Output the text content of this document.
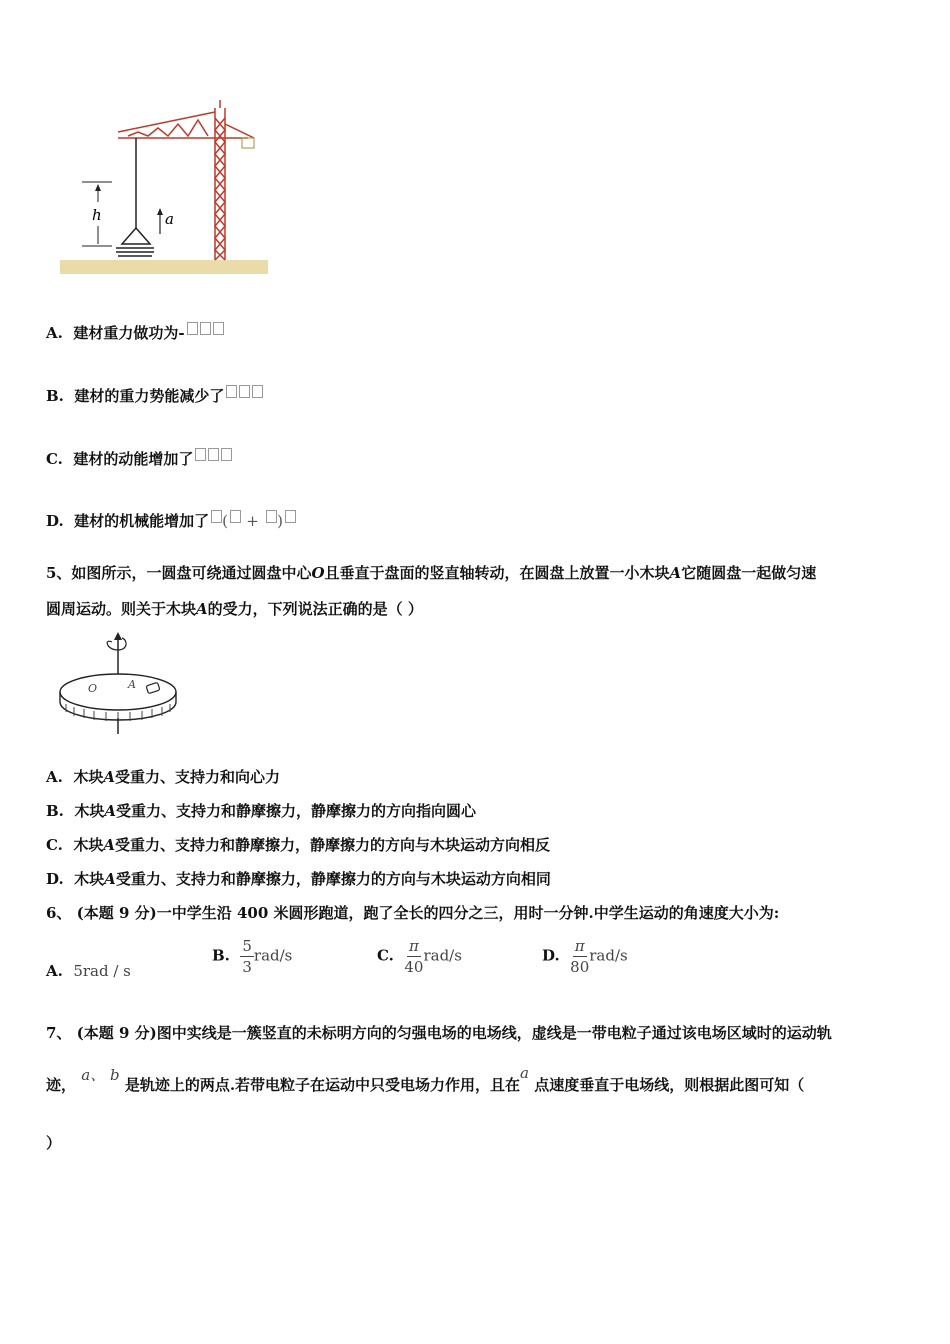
h	a
A. 建材重力做功为-
B. 建材的重力势能减少了
C. 建材的动能增加了
D. 建材的机械能增加了 ( + )
5、如图所示，一圆盘可绕通过圆盘中心O且垂直于盘面的竖直轴转动，在圆盘上放置一小木块A它随圆盘一起做匀速
圆周运动。则关于木块A的受力，下列说法正确的是（ ）
O	A
A. 木块A受重力、支持力和向心力
B. 木块A受重力、支持力和静摩擦力，静摩擦力的方向指向圆心
C. 木块A受重力、支持力和静摩擦力，静摩擦力的方向与木块运动方向相反
D. 木块A受重力、支持力和静摩擦力，静摩擦力的方向与木块运动方向相同
6、 (本题 9 分)一中学生沿 400 米圆形跑道，跑了全长的四分之三，用时一分钟.中学生运动的角速度大小为:
A. 5rad / s
B. $\frac{5}{3} rad/s$	C. $\frac{\pi}{40} rad/s$	D. $\frac{\pi}{80} rad/s$
7、 (本题 9 分)图中实线是一簇竖直的未标明方向的匀强电场的电场线，虚线是一带电粒子通过该电场区域时的运动轨
迹， a、 b 是轨迹上的两点.若带电粒子在运动中只受电场力作用，且在a 点速度垂直于电场线，则根据此图可知（
）
